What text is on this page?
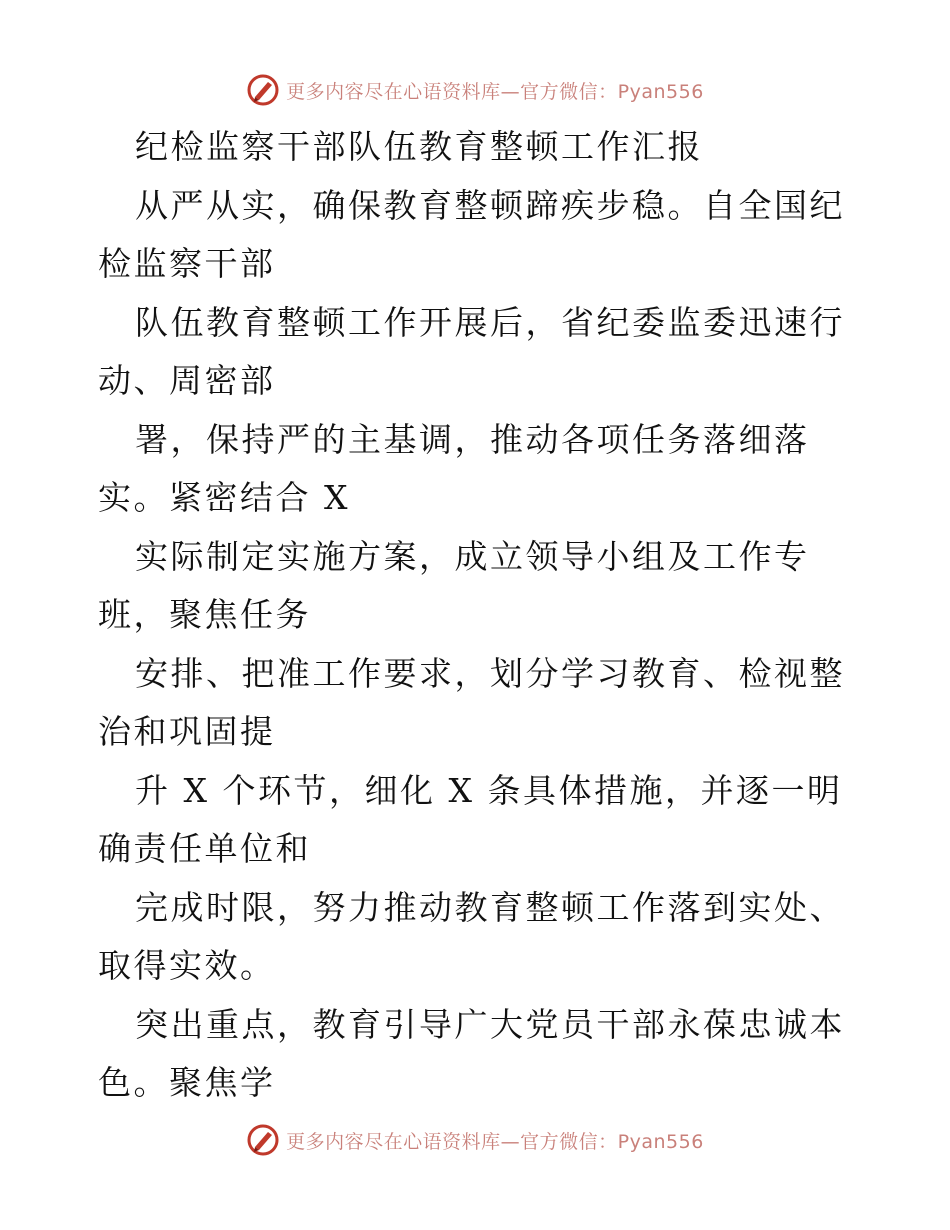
更多内容尽在心语资料库—官方微信：Pyan556

纪检监察干部队伍教育整顿工作汇报

从严从实，确保教育整顿蹄疾步稳。自全国纪检监察干部

队伍教育整顿工作开展后，省纪委监委迅速行动、周密部

署，保持严的主基调，推动各项任务落细落实。紧密结合 X

实际制定实施方案，成立领导小组及工作专班，聚焦任务

安排、把准工作要求，划分学习教育、检视整治和巩固提

升 X 个环节，细化 X 条具体措施，并逐一明确责任单位和

完成时限，努力推动教育整顿工作落到实处、取得实效。

突出重点，教育引导广大党员干部永葆忠诚本色。聚焦学

更多内容尽在心语资料库—官方微信：Pyan556
